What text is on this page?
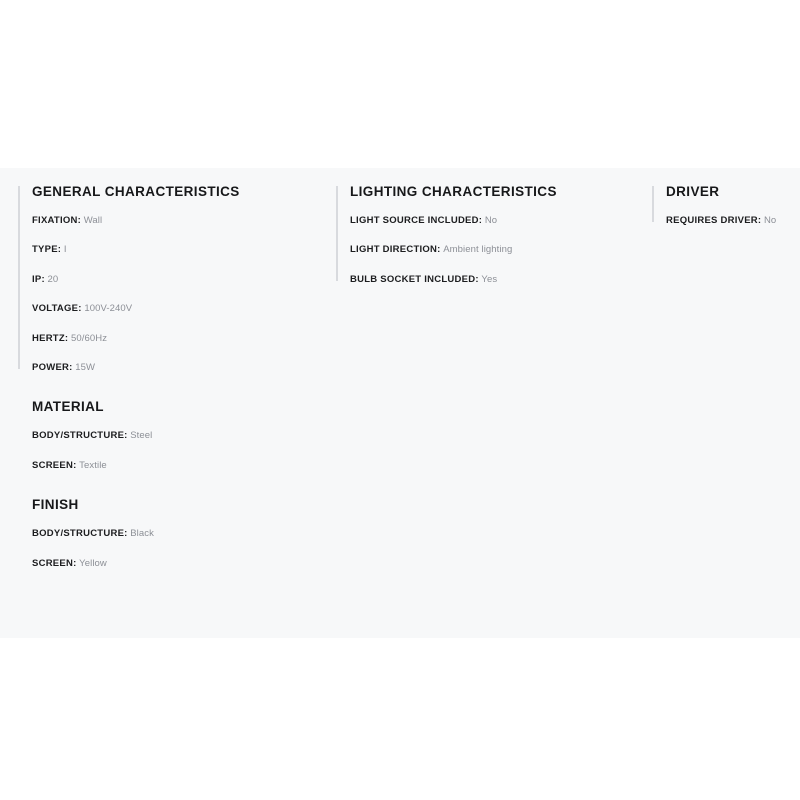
GENERAL CHARACTERISTICS
FIXATION: Wall
TYPE: I
IP: 20
VOLTAGE: 100V-240V
HERTZ: 50/60Hz
POWER: 15W
MATERIAL
BODY/STRUCTURE: Steel
SCREEN: Textile
FINISH
BODY/STRUCTURE: Black
SCREEN: Yellow
LIGHTING CHARACTERISTICS
LIGHT SOURCE INCLUDED: No
LIGHT DIRECTION: Ambient lighting
BULB SOCKET INCLUDED: Yes
DRIVER
REQUIRES DRIVER: No
